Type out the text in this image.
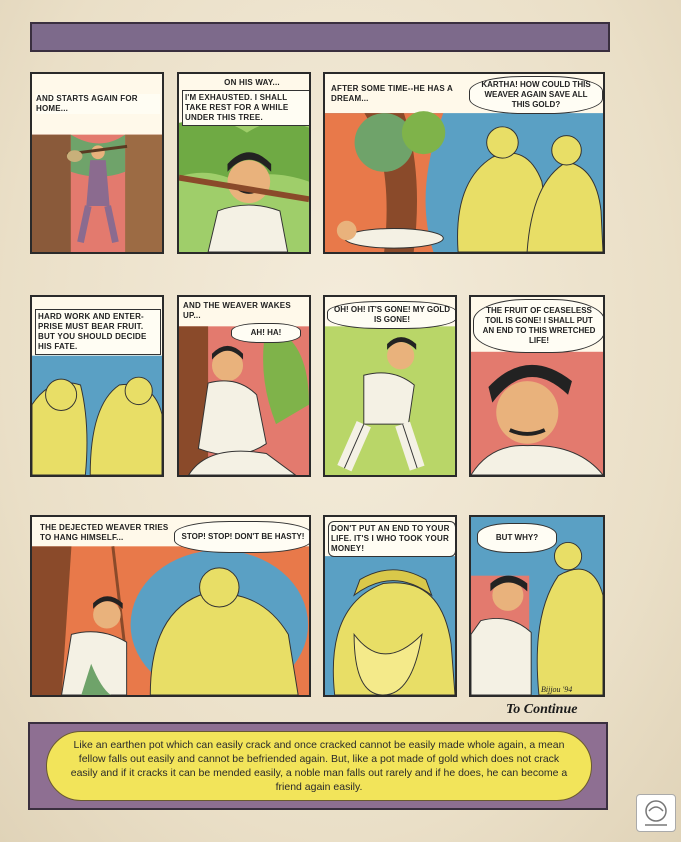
AND STARTS AGAIN FOR HOME...
ON HIS WAY...
I'M EXHAUSTED. I SHALL TAKE REST FOR A WHILE UNDER THIS TREE.
AFTER SOME TIME--HE HAS A DREAM...
KARTHA! HOW COULD THIS WEAVER AGAIN SAVE ALL THIS GOLD?
HARD WORK AND ENTER-PRISE MUST BEAR FRUIT. BUT YOU SHOULD DECIDE HIS FATE.
AND THE WEAVER WAKES UP...
AH! HA!
OH! OH! IT'S GONE! MY GOLD IS GONE!
THE FRUIT OF CEASELESS TOIL IS GONE! I SHALL PUT AN END TO THIS WRETCHED LIFE!
THE DEJECTED WEAVER TRIES TO HANG HIMSELF...	STOP! STOP! DON'T BE HASTY!
DON'T PUT AN END TO YOUR LIFE. IT'S I WHO TOOK YOUR MONEY!
BUT WHY?
Bijjou '94
To Continue
Like an earthen pot which can easily crack and once cracked cannot be easily made whole again, a mean fellow falls out easily and cannot be befriended again. But, like a pot made of gold which does not crack easily and if it cracks it can be mended easily, a noble man falls out rarely and if he does, he can become a friend again easily.
